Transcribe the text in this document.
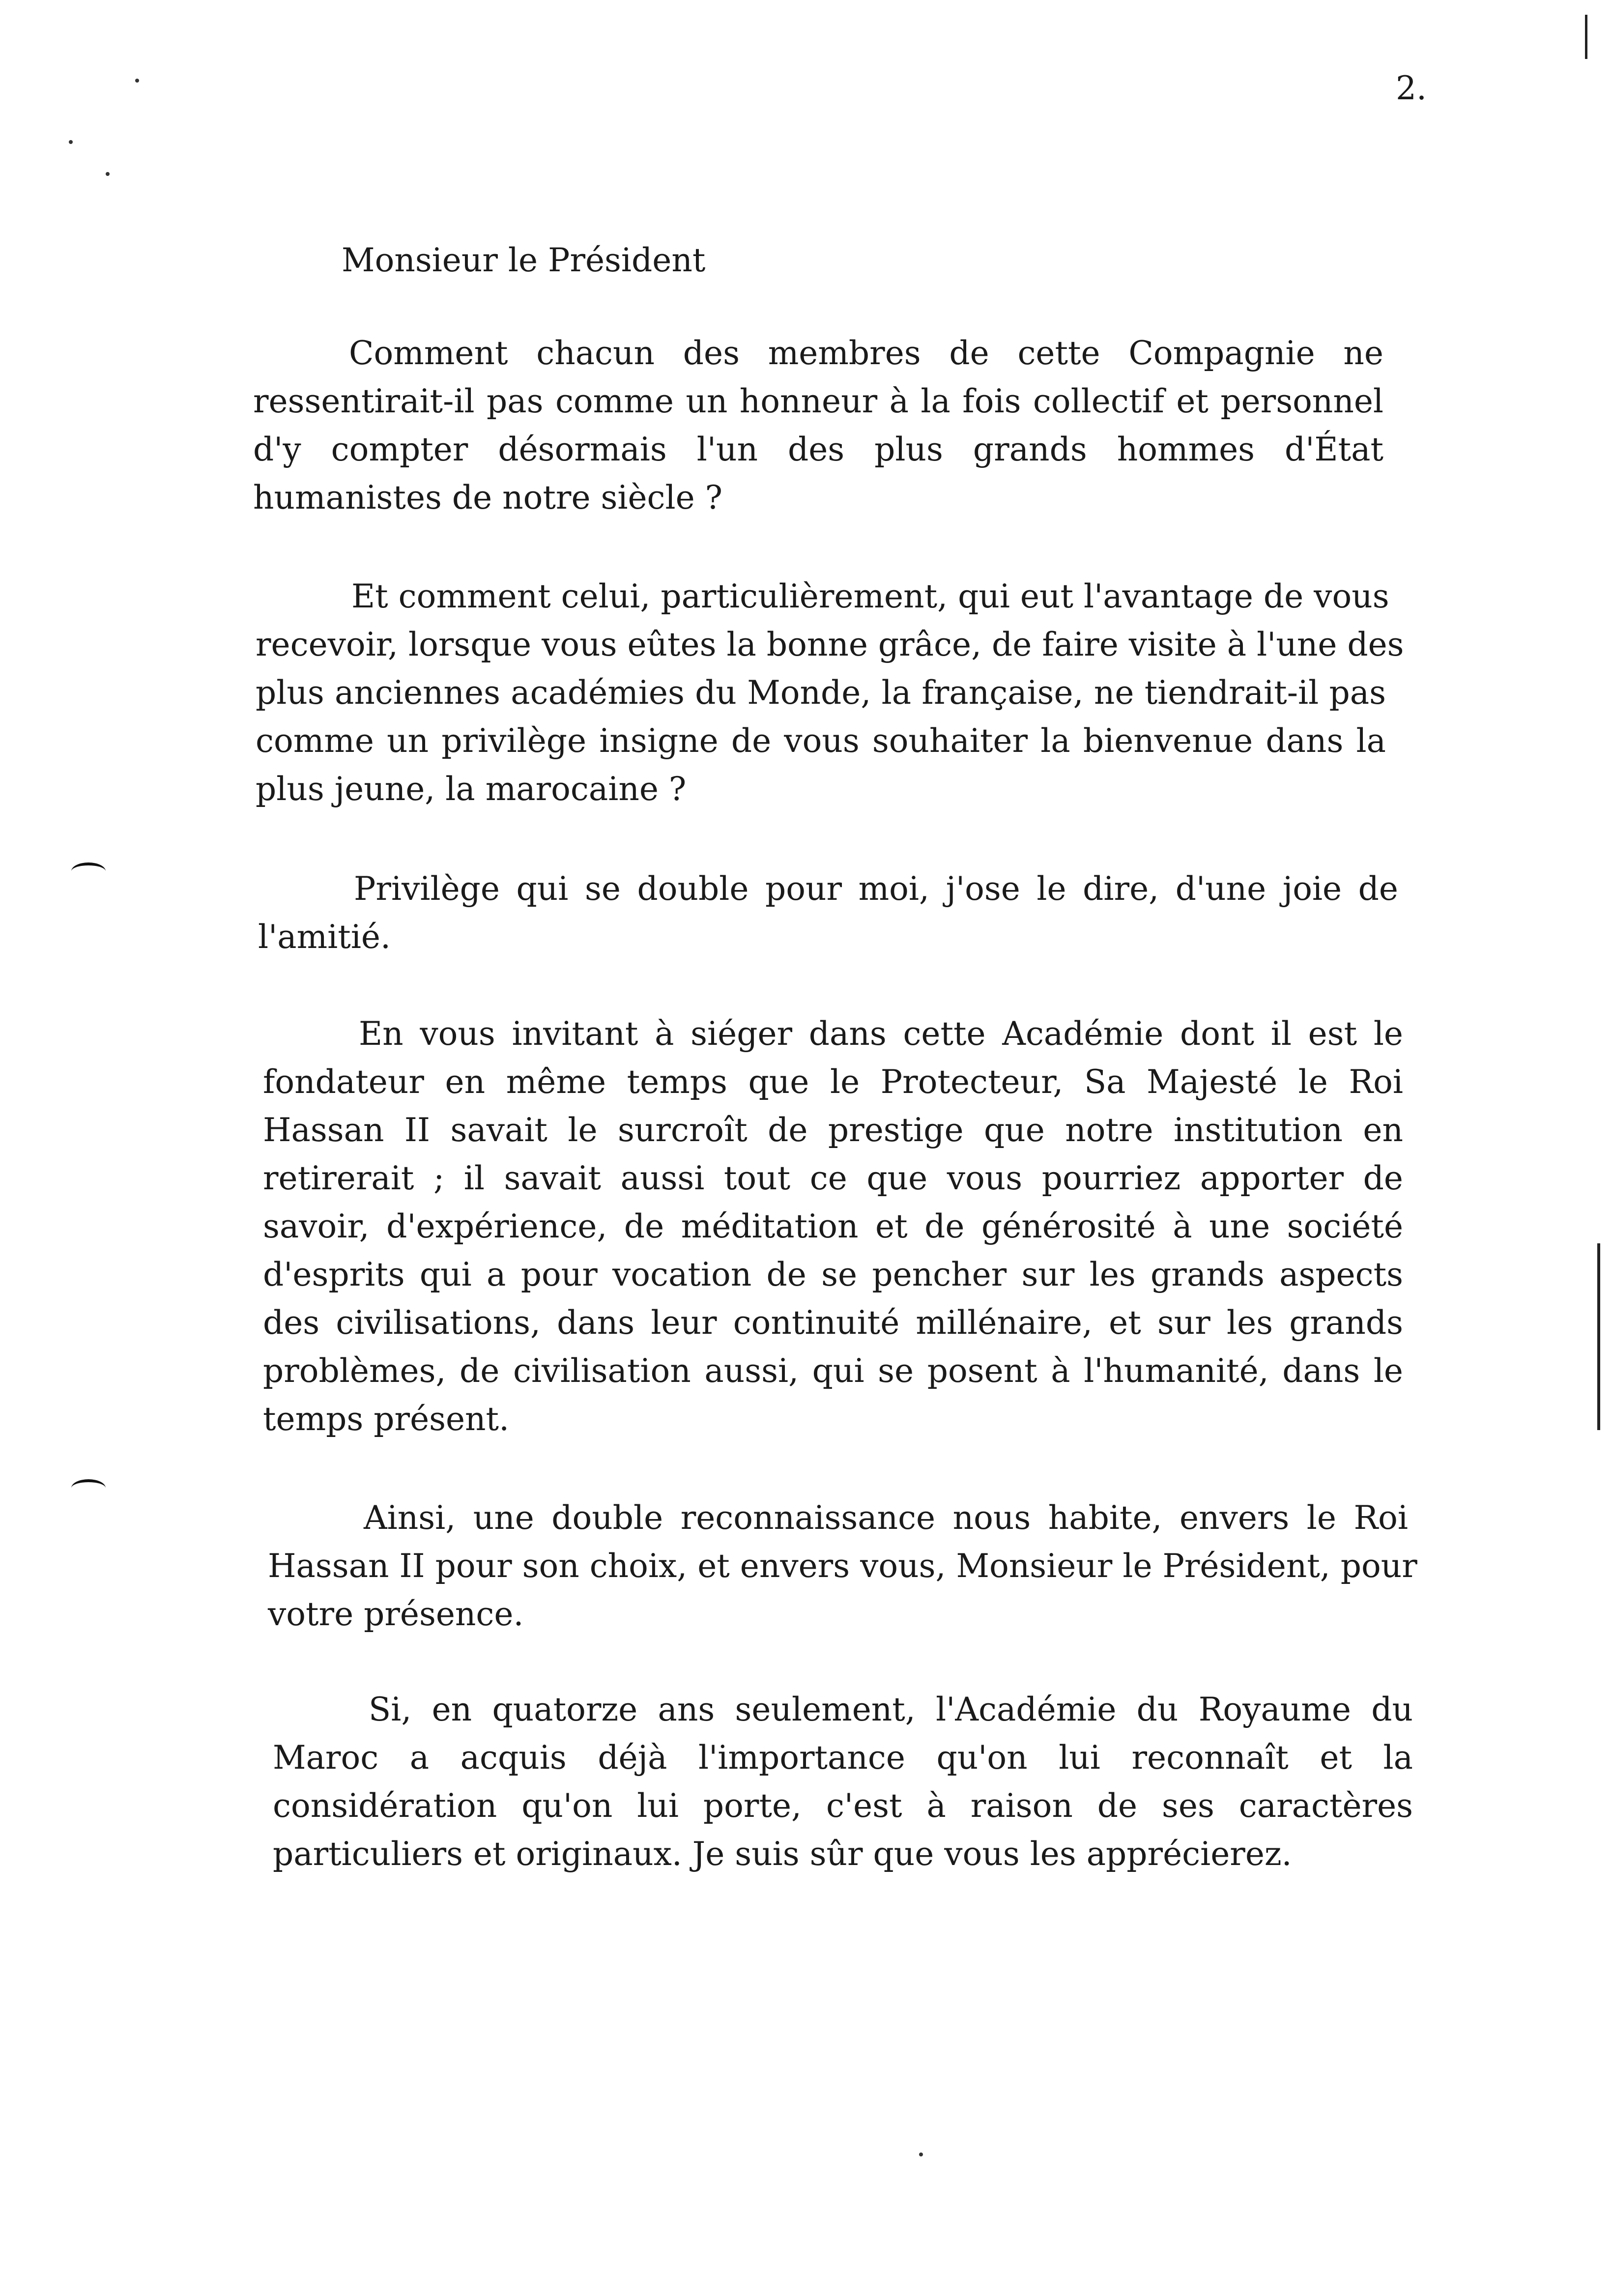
2.
Monsieur le Président
Comment chacun des membres de cette Compagnie ne
ressentirait-il pas comme un honneur à la fois collectif et personnel
d'y compter désormais l'un des plus grands hommes d'État
humanistes de notre siècle ?
Et comment celui, particulièrement, qui eut l'avantage de vous
recevoir, lorsque vous eûtes la bonne grâce, de faire visite à l'une des
plus anciennes académies du Monde, la française, ne tiendrait-il pas
comme un privilège insigne de vous souhaiter la bienvenue dans la
plus jeune, la marocaine ?
Privilège qui se double pour moi, j'ose le dire, d'une joie de
l'amitié.
En vous invitant à siéger dans cette Académie dont il est le
fondateur en même temps que le Protecteur, Sa Majesté le Roi
Hassan II savait le surcroît de prestige que notre institution en
retirerait ; il savait aussi tout ce que vous pourriez apporter de
savoir, d'expérience, de méditation et de générosité à une société
d'esprits qui a pour vocation de se pencher sur les grands aspects
des civilisations, dans leur continuité millénaire, et sur les grands
problèmes, de civilisation aussi, qui se posent à l'humanité, dans le
temps présent.
Ainsi, une double reconnaissance nous habite, envers le Roi
Hassan II pour son choix, et envers vous, Monsieur le Président, pour
votre présence.
Si, en quatorze ans seulement, l'Académie du Royaume du
Maroc a acquis déjà l'importance qu'on lui reconnaît et la
considération qu'on lui porte, c'est à raison de ses caractères
particuliers et originaux. Je suis sûr que vous les apprécierez.
